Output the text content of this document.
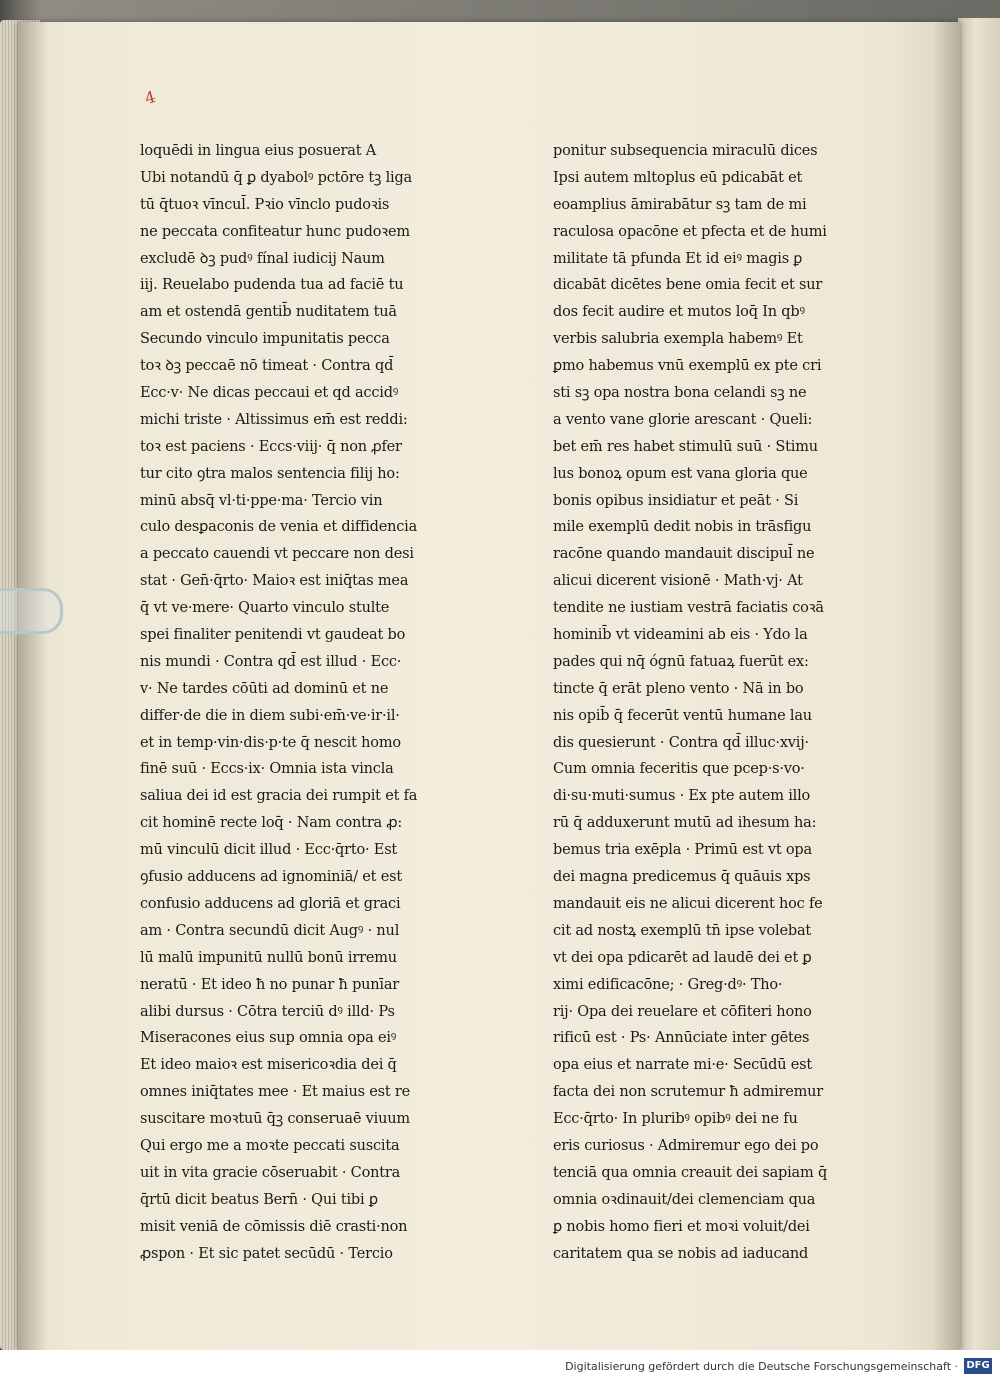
4
loquēdi in lingua eius posuerat A
Ubi notandū q̄ ꝑ dyabolꝰ pctōre tꝫ liga
tū q̄tuoꝛ vīncul̄. Pꝛio vīnclo pudoꝛis
ne peccata confiteatur hunc pudoꝛem
excludē ꝺꝫ pudꝰ fínal iudicij Naum
iij. Reuelabo pudenda tua ad faciē tu
am et ostendā gentib̄ nuditatem tuā
Secundo vinculo impunitatis pecca
toꝛ ꝺꝫ peccaē nō timeat · Contra qd̄
Ecc·v· Ne dicas peccaui et qd accidꝰ
michi triste · Altissimus em̄ est reddi:
toꝛ est paciens · Eccs·viij· q̄ non ꝓfer
tur cito ꝯtra malos sentencia filij ho:
minū absq̄ vl·ti·ppe·ma· Tercio vin
culo desꝑaconis de venia et diffidencia
a peccato cauendi vt peccare non desi
stat · Gen̄·q̄rto· Maioꝛ est iniq̄tas mea
q̄ vt ve·mere· Quarto vinculo stulte
spei finaliter penitendi vt gaudeat bo
nis mundi · Contra qd̄ est illud · Ecc·
v· Ne tardes cōūti ad dominū et ne
differ·de die in diem subi·em̄·ve·ir·il·
et in temp·vin·dis·p·te q̄ nescit homo
finē suū · Eccs·ix· Omnia ista vincla
saliua dei id est gracia dei rumpit et fa
cit hominē recte loq̄ · Nam contra ꝓ:
mū vinculū dicit illud · Ecc·q̄rto· Est
ꝯfusio adducens ad ignominiā/ et est
confusio adducens ad gloriā et graci
am · Contra secundū dicit Augꝰ · nul
lū malū impunitū nullū bonū irremu
neratū · Et ideo ħ no punar ħ punīar
alibi dursus · Cōtra terciū dꝰ illd· Ps
Miseracones eius sup omnia opa eiꝰ
Et ideo maioꝛ est misericoꝛdia dei q̄
omnes iniq̄tates mee · Et maius est re
suscitare moꝛtuū q̄ꝫ conseruaē viuum
Qui ergo me a moꝛte peccati suscita
uit in vita gracie cōseruabit · Contra
q̄rtū dicit beatus Bern̄ · Qui tibi ꝑ
misit veniā de cōmissis diē crasti·non
ꝓspon · Et sic patet secūdū · Tercio
ponitur subsequencia miraculū dices
Ipsi autem mltoplus eū pdicabāt et
eoamplius āmirabātur sꝫ tam de mi
raculosa opacōne et pfecta et de humi
militate tā pfunda Et id eiꝰ magis ꝑ
dicabāt dicētes bene omia fecit et sur
dos fecit audire et mutos loq̄ In qbꝰ
verbis salubria exempla habemꝰ Et
ꝑmo habemus vnū exemplū ex pte cri
sti sꝫ opa nostra bona celandi sꝫ ne
a vento vane glorie arescant · Queli:
bet em̄ res habet stimulū suū · Stimu
lus bonoꝝ opum est vana gloria que
bonis opibus insidiatur et peāt · Si
mile exemplū dedit nobis in trāsfigu
racōne quando mandauit discipul̄ ne
alicui dicerent visionē · Math·vj· At
tendite ne iustiam vestrā faciatis coꝛā
hominib̄ vt videamini ab eis · Ydo la
pades qui nq̄ ógnū fatuaꝝ fuerūt ex:
tincte q̄ erāt pleno vento · Nā in bo
nis opib̄ q̄ fecerūt ventū humane lau
dis quesierunt · Contra qd̄ illuc·xvij·
Cum omnia feceritis que pcep·s·vo·
di·su·muti·sumus · Ex pte autem illo
rū q̄ adduxerunt mutū ad ihesum ha:
bemus tria exēpla · Primū est vt opa
dei magna predicemus q̄ quāuis xps
mandauit eis ne alicui dicerent hoc fe
cit ad nostꝝ exemplū tn̄ ipse volebat
vt dei opa pdicarēt ad laudē dei et ꝑ
ximi edificacōne; · Greg·dꝰ· Tho·
rij· Opa dei reuelare et cōfiteri hono
rificū est · Ps· Annūciate inter gētes
opa eius et narrate mi·e· Secūdū est
facta dei non scrutemur ħ admiremur
Ecc·q̄rto· In pluribꝰ opibꝰ dei ne fu
eris curiosus · Admiremur ego dei po
tenciā qua omnia creauit dei sapiam q̄
omnia oꝛdinauit/dei clemenciam qua
ꝑ nobis homo fieri et moꝛi voluit/dei
caritatem qua se nobis ad iaducand
Digitalisierung gefördert durch die Deutsche Forschungsgemeinschaft · DFG
